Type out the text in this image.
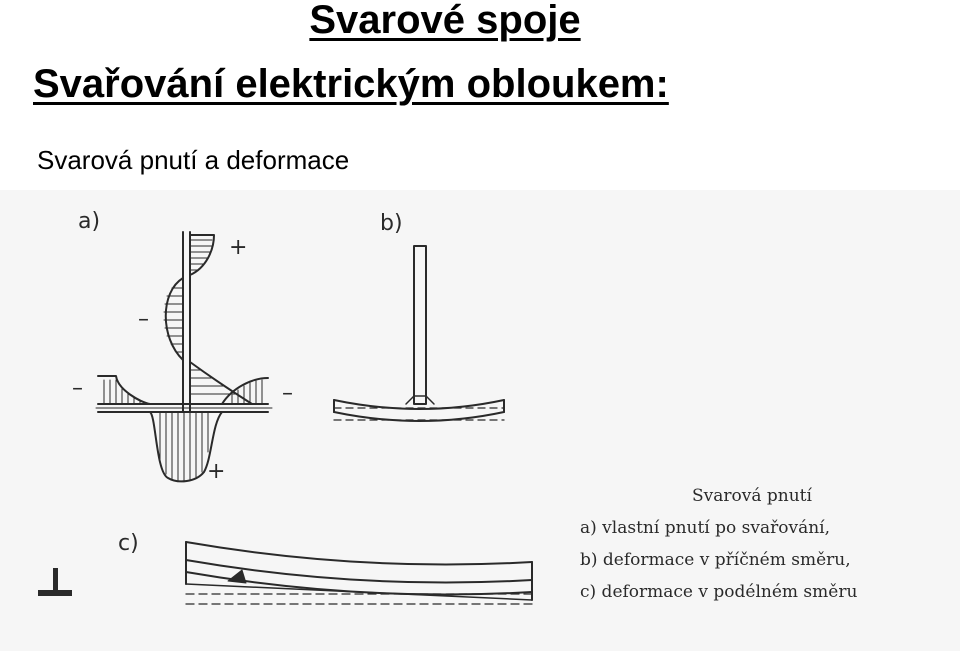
Svarové spoje
Svařování elektrickým obloukem:
Svarová pnutí a deformace
a)
+
–
–	–
+
b)
c)
Svarová pnutí
a) vlastní pnutí po svařování,
b) deformace v příčném směru,
c) deformace v podélném směru
